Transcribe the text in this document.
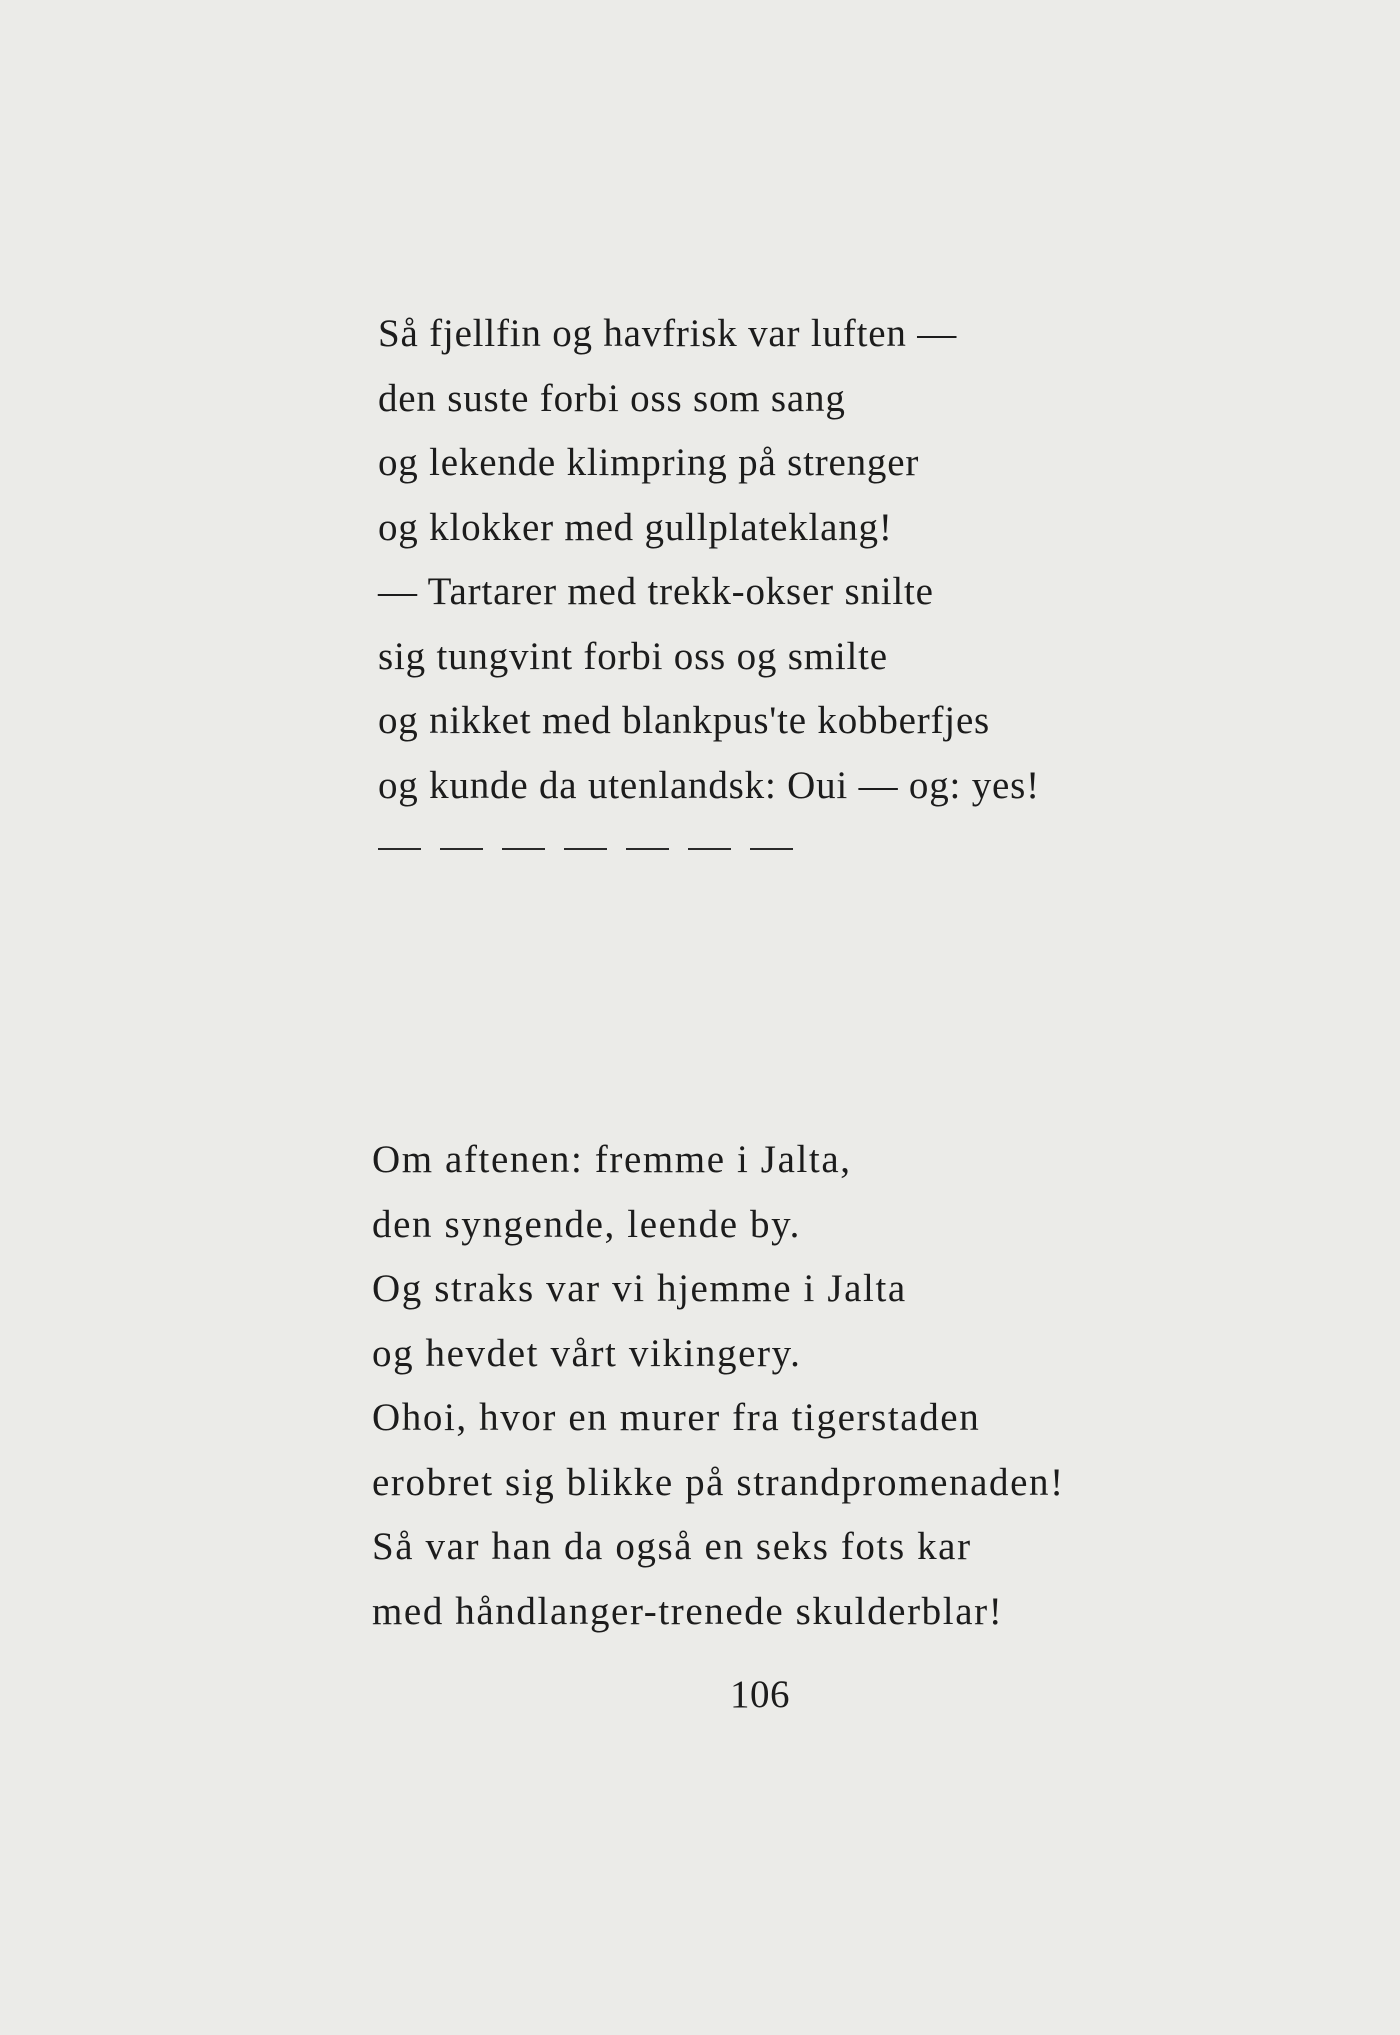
Så fjellfin og havfrisk var luften —
den suste forbi oss som sang
og lekende klimpring på strenger
og klokker med gullplateklang!
— Tartarer med trekk-okser snilte
sig tungvint forbi oss og smilte
og nikket med blankpus'te kobberfjes
og kunde da utenlandsk: Oui — og: yes!
Om aftenen: fremme i Jalta,
den syngende, leende by.
Og straks var vi hjemme i Jalta
og hevdet vårt vikingery.
Ohoi, hvor en murer fra tigerstaden
erobret sig blikke på strandpromenaden!
Så var han da også en seks fots kar
med håndlanger-trenede skulderblar!
106
